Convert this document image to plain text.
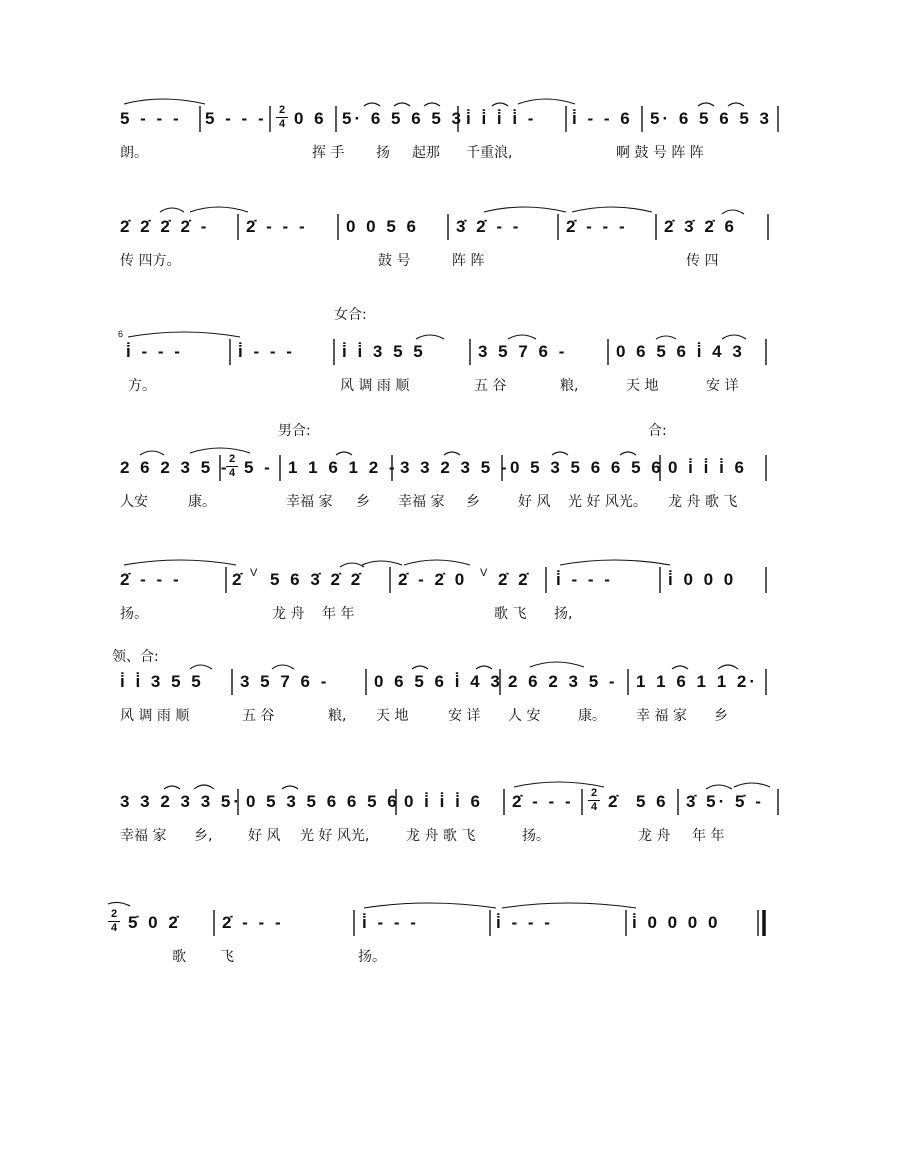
5 - - - 5 - - - $\frac{2}{4} 0$ 6 5· 6 5 6 5 3 i̇ i̇ i̇ i̇ - i̇ - - 6 5· 6 5 6 5 3
朗。	挥 手 扬 起那 千重浪,	啊 鼓 号 阵 阵
2̇ 2̇ 2̇ 2̇ - 2̇ - - - 0 0 5 6 3̇ 2̇ - -	2̇ - - - 2̇ 3̇ 2̇ 6
传 四方。	鼓 号	阵 阵	传 四
女合:
6
i̇ - - -	i̇ - - -	i̇ i̇ 3 5 5	3 5 7 6 -	0 6 5 6 i̇ 4 3
方。	风 调 雨 顺	五 谷	粮,	天 地	安 详
男合:	合:
2 6 2 3 5 -
$\frac{2}{4} 5 - 1$ 1 6 1 2 - 3 3 2 3 5 - 0 5 3 5 6 6 5 6 0 i̇ i̇ i̇ 6
人安	康。	幸福 家 乡 幸福 家 乡	好 风 光 好 风光。 龙 舟 歌 飞
2̇ - - -	2̇ V 5 6 3̇ 2̇ 2̇ 2̇ - 2̇ 0 V 2̇ 2̇ i̇ - - -	i̇ 0 0 0
扬。	龙 舟 年 年	歌 飞 扬,
领、合:
i̇ i̇ 3 5 5 3 5 7 6 -	0 6 5 6 i̇ 4 3 2 6 2 3 5 - 1 1 6 1 1 2·
风 调 雨 顺	五 谷	粮, 天 地	安 详 人 安	康。 幸 福 家 乡
3 3 2 3 3 5· 0 5 3 5 6 6 5 6 0 i̇ i̇ i̇ 6 2̇ - - - $\frac{2}{4}$ 2̇ 5 6 3̇ 5· 5̇ -
幸福 家 乡,	好 风 光 好 风光,	龙 舟 歌 飞	扬。	龙 舟 年 年
$\frac{2}{4}$ 5̇ 0 2̇ 2̇ - - -	i̇ - - -	i̇ - - -	i̇ 0 0 0 0
歌 飞	扬。
